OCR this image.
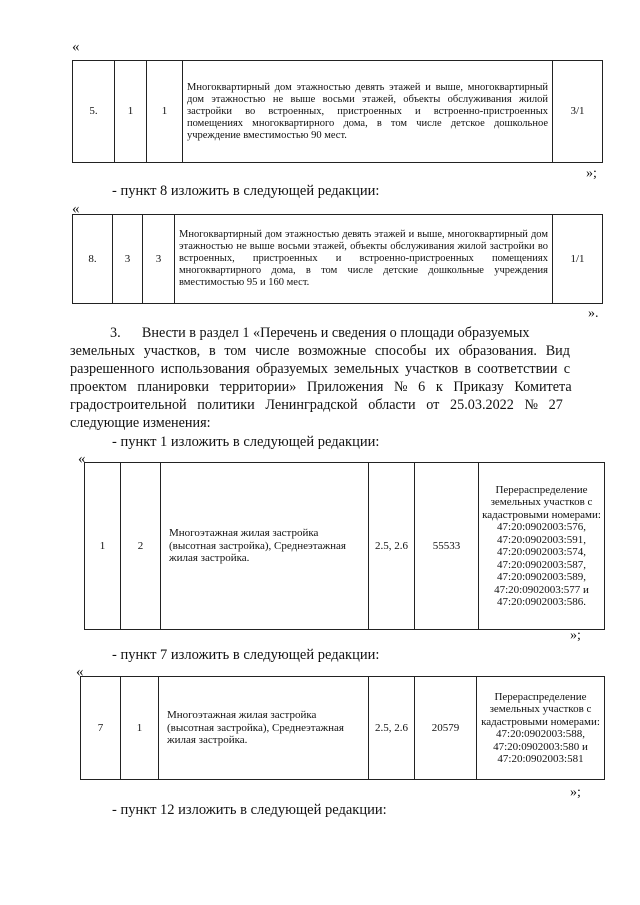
«
5.	1	1	Многоквартирный дом этажностью девять этажей и выше, многоквартирный дом этажностью не выше восьми этажей, объекты обслуживания жилой застройки во встроенных, пристроенных и встроенно-пристроенных помещениях многоквартирного дома, в том числе детское дошкольное учреждение вместимостью 90 мест.	3/1
»;
- пункт 8 изложить в следующей редакции:
«
8.	3	3	Многоквартирный дом этажностью девять этажей и выше, многоквартирный дом этажностью не выше восьми этажей, объекты обслуживания жилой застройки во встроенных, пристроенных и встроенно-пристроенных помещениях многоквартирного дома, в том числе детские дошкольные учреждения вместимостью 95 и 160 мест.	1/1
».
3.      Внести в раздел 1 «Перечень и сведения о площади образуемых
земельных участков, в том числе возможные способы их образования. Вид
разрешенного использования образуемых земельных участков в соответствии с
проектом   планировки   территории»   Приложения   №   6   к   Приказу   Комитета
градостроительной   политики   Ленинградской   области   от   25.03.2022   №   27
следующие изменения:
- пункт 1 изложить в следующей редакции:
«
1	2	Многоэтажная жилая застройка (высотная застройка), Среднеэтажная жилая застройка.	2.5, 2.6	55533	Перераспределение земельных участков с кадастровыми номерами: 47:20:0902003:576, 47:20:0902003:591, 47:20:0902003:574, 47:20:0902003:587, 47:20:0902003:589, 47:20:0902003:577 и 47:20:0902003:586.
»;
- пункт 7 изложить в следующей редакции:
«
7	1	Многоэтажная жилая застройка (высотная застройка), Среднеэтажная жилая застройка.	2.5, 2.6	20579	Перераспределение земельных участков с кадастровыми номерами: 47:20:0902003:588, 47:20:0902003:580 и 47:20:0902003:581
»;
- пункт 12 изложить в следующей редакции:
